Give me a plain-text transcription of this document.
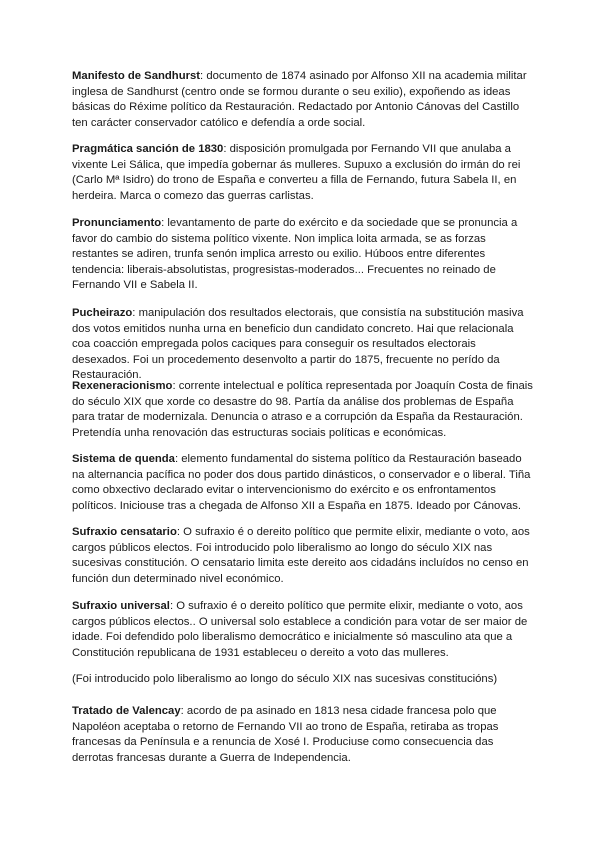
Manifesto de Sandhurst: documento de 1874 asinado por Alfonso XII na academia militar inglesa de Sandhurst (centro onde se formou durante o seu exilio), expoñendo as ideas básicas do Réxime político da Restauración. Redactado por Antonio Cánovas del Castillo ten carácter conservador católico e defendía a orde social.

Pragmática sanción de 1830: disposición promulgada por Fernando VII que anulaba a vixente Lei Sálica, que impedía gobernar ás mulleres. Supuxo a exclusión do irmán do rei (Carlo Mª Isidro) do trono de España e converteu a filla de Fernando, futura Sabela II, en herdeira. Marca o comezo das guerras carlistas.

Pronunciamento: levantamento de parte do exército e da sociedade que se pronuncia a favor do cambio do sistema político vixente. Non implica loita armada, se as forzas restantes se adiren, trunfa senón implica arresto ou exilio. Húboos entre diferentes tendencia: liberais-absolutistas, progresistas-moderados... Frecuentes no reinado de Fernando VII e Sabela II.

Pucheirazo: manipulación dos resultados electorais, que consistía na substitución masiva dos votos emitidos nunha urna en beneficio dun candidato concreto. Hai que relacionala coa coacción empregada polos caciques para conseguir os resultados electorais desexados. Foi un procedemento desenvolto a partir do 1875, frecuente no perído da Restauración.

Rexeneracionismo: corrente intelectual e política representada por Joaquín Costa de finais do século XIX que xorde co desastre do 98. Partía da análise dos problemas de España para tratar de modernizala. Denuncia o atraso e a corrupción da España da Restauración. Pretendía unha renovación das estructuras sociais políticas e económicas.

Sistema de quenda: elemento fundamental do sistema político da Restauración baseado na alternancia pacífica no poder dos dous partido dinásticos, o conservador e o liberal. Tiña como obxectivo declarado evitar o intervencionismo do exército e os enfrontamentos políticos. Iniciouse tras a chegada de Alfonso XII a España en 1875. Ideado por Cánovas.

Sufraxio censatario: O sufraxio é o dereito político que permite elixir, mediante o voto, aos cargos públicos electos. Foi introducido polo liberalismo ao longo do século XIX nas sucesivas constitución. O censatario limita este dereito aos cidadáns incluídos no censo en función dun determinado nivel económico.

Sufraxio universal: O sufraxio é o dereito político que permite elixir, mediante o voto, aos cargos públicos electos.. O universal solo establece a condición para votar de ser maior de idade. Foi defendido polo liberalismo democrático e inicialmente só masculino ata que a Constitución republicana de 1931 estableceu o dereito a voto das mulleres.

(Foi introducido polo liberalismo ao longo do século XIX nas sucesivas constitucións)

Tratado de Valencay: acordo de pa asinado en 1813 nesa cidade francesa polo que Napoléon aceptaba o retorno de Fernando VII ao trono de España, retiraba as tropas francesas da Península e a renuncia de Xosé I. Produciuse como consecuencia das derrotas francesas durante a Guerra de Independencia.
